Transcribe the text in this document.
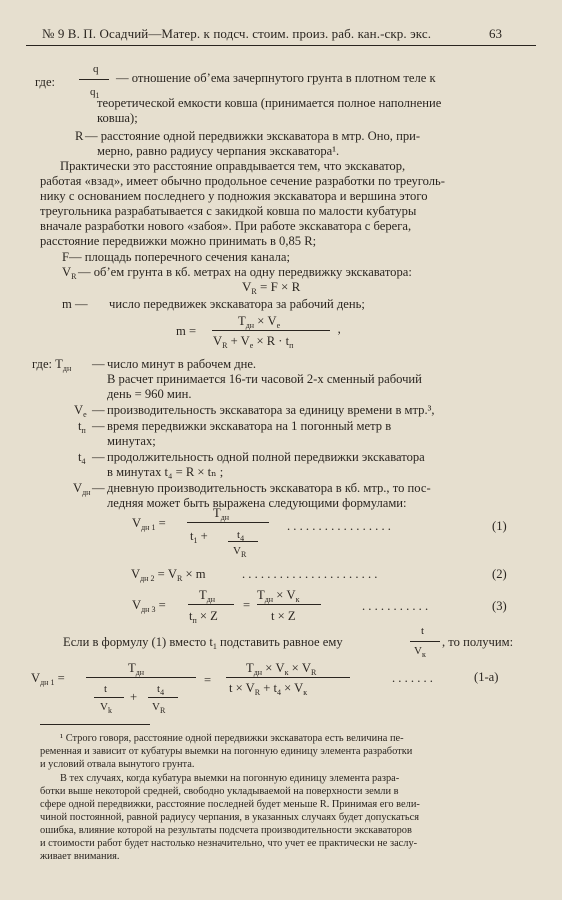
№ 9 В. П. Осадчий—Матер. к подсч. стоим. произ. раб. кан.-скр. экс.	63
где:
q
$q_1$
— отношение об’ема зачерпнутого грунта в плотном теле к
теоретической емкости ковша (принимается полное наполнение
ковша);
R — расстояние одной передвижки экскаватора в мтр. Оно, при-
мерно, равно радиусу черпания экскаватора¹.
Практически это расстояние оправдывается тем, что экскаватор,
работая «взад», имеет обычно продольное сечение разработки по треуголь-
нику с основанием последнего у подножия экскаватора и вершина этого
треугольника разрабатывается с закидкой ковша по малости кубатуры
вначале разработки нового «забоя». При работе экскаватора с берега,
расстояние передвижки можно принимать в 0,85 R;
F— площадь поперечного сечения канала;
$V_R$ — об’ем грунта в кб. метрах на одну передвижку экскаватора:
$V_R = F \times R$
m — число передвижек экскаватора за рабочий день;
m =
$T_{дн} \times V_e$
$V_R + V_e \times R \cdot t_п$
’
где: $T_{дн}$ — число минут в рабочем дне.
В расчет принимается 16-ти часовой 2-х сменный рабочий
день = 960 мин.
$V_e$ — производительность экскаватора за единицу времени в мтр.³,
$t_п$ — время передвижки экскаватора на 1 погонный метр в
минутах;
$t_4$ — продолжительность одной полной передвижки экскаватора
в минутах t₄ = R × tₙ ;
$V_{дн}$ — дневную производительность экскаватора в кб. мтр., то пос-
ледняя может быть выражена следующими формулами:
$V_{дн 1}$ =
$T_{дн}$
$t_1$ +	$t_4$
$V_R$
. . . . . . . . . . . . . . . . .	(1)
$V_{дн 2} = V_R \times m$	. . . . . . . . . . . . . . . . . . . . . .	(2)
$V_{дн 3}$ =
$T_{дн}$
$t_п \times Z$
=
$T_{дн} \times V_к$
t × Z
. . . . . . . . . . .	(3)
Если в формулу (1) вместо $t_1$ подставить равное ему
t
$V_к$
, то получим:
$V_{дн 1}$ =
$T_{дн}$
t
$V_k$
+
$t_4$
$V_R$
=
$T_{дн} \times V_к \times V_R$
$t \times V_R + t_4 \times V_к$
. . . . . . .	(1-а)
¹ Строго говоря, расстояние одной передвижки экскаватора есть величина пе-
ременная и зависит от кубатуры выемки на погонную единицу элемента разработки
и условий отвала вынутого грунта.
В тех случаях, когда кубатура выемки на погонную единицу элемента разра-
ботки выше некоторой средней, свободно укладываемой на поверхности земли в
сфере одной передвижки, расстояние последней будет меньше R. Принимая его вели-
чиной постоянной, равной радиусу черпания, в указанных случаях будет допускаться
ошибка, влияние которой на результаты подсчета производительности экскаваторов
и стоимости работ будет настолько незначительно, что учет ее практически не заслу-
живает внимания.
